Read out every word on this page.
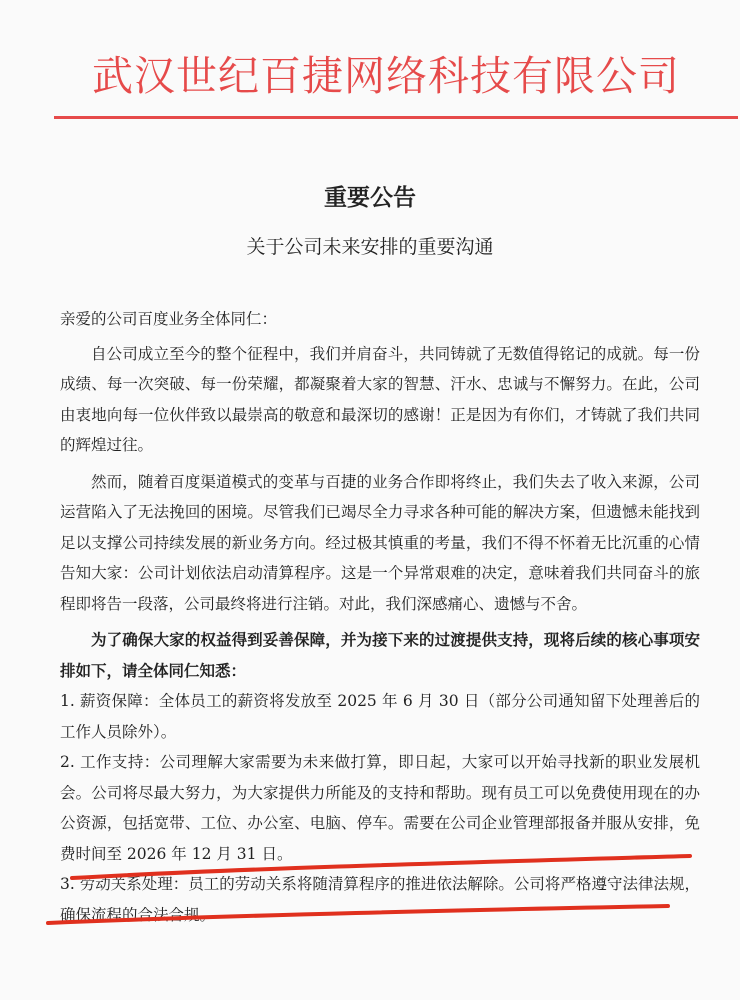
武汉世纪百捷网络科技有限公司
重要公告
关于公司未来安排的重要沟通

亲爱的公司百度业务全体同仁：

自公司成立至今的整个征程中，我们并肩奋斗，共同铸就了无数值得铭记的成就。每一份成绩、每一次突破、每一份荣耀，都凝聚着大家的智慧、汗水、忠诚与不懈努力。在此，公司由衷地向每一位伙伴致以最崇高的敬意和最深切的感谢！正是因为有你们，才铸就了我们共同的辉煌过往。

然而，随着百度渠道模式的变革与百捷的业务合作即将终止，我们失去了收入来源，公司运营陷入了无法挽回的困境。尽管我们已竭尽全力寻求各种可能的解决方案，但遗憾未能找到足以支撑公司持续发展的新业务方向。经过极其慎重的考量，我们不得不怀着无比沉重的心情告知大家：公司计划依法启动清算程序。这是一个异常艰难的决定，意味着我们共同奋斗的旅程即将告一段落，公司最终将进行注销。对此，我们深感痛心、遗憾与不舍。

为了确保大家的权益得到妥善保障，并为接下来的过渡提供支持，现将后续的核心事项安排如下，请全体同仁知悉：

1. 薪资保障：全体员工的薪资将发放至 2025 年 6 月 30 日（部分公司通知留下处理善后的工作人员除外）。

2. 工作支持：公司理解大家需要为未来做打算，即日起，大家可以开始寻找新的职业发展机会。公司将尽最大努力，为大家提供力所能及的支持和帮助。现有员工可以免费使用现在的办公资源，包括宽带、工位、办公室、电脑、停车。需要在公司企业管理部报备并服从安排，免费时间至 2026 年 12 月 31 日。

3. 劳动关系处理：员工的劳动关系将随清算程序的推进依法解除。公司将严格遵守法律法规，确保流程的合法合规。
